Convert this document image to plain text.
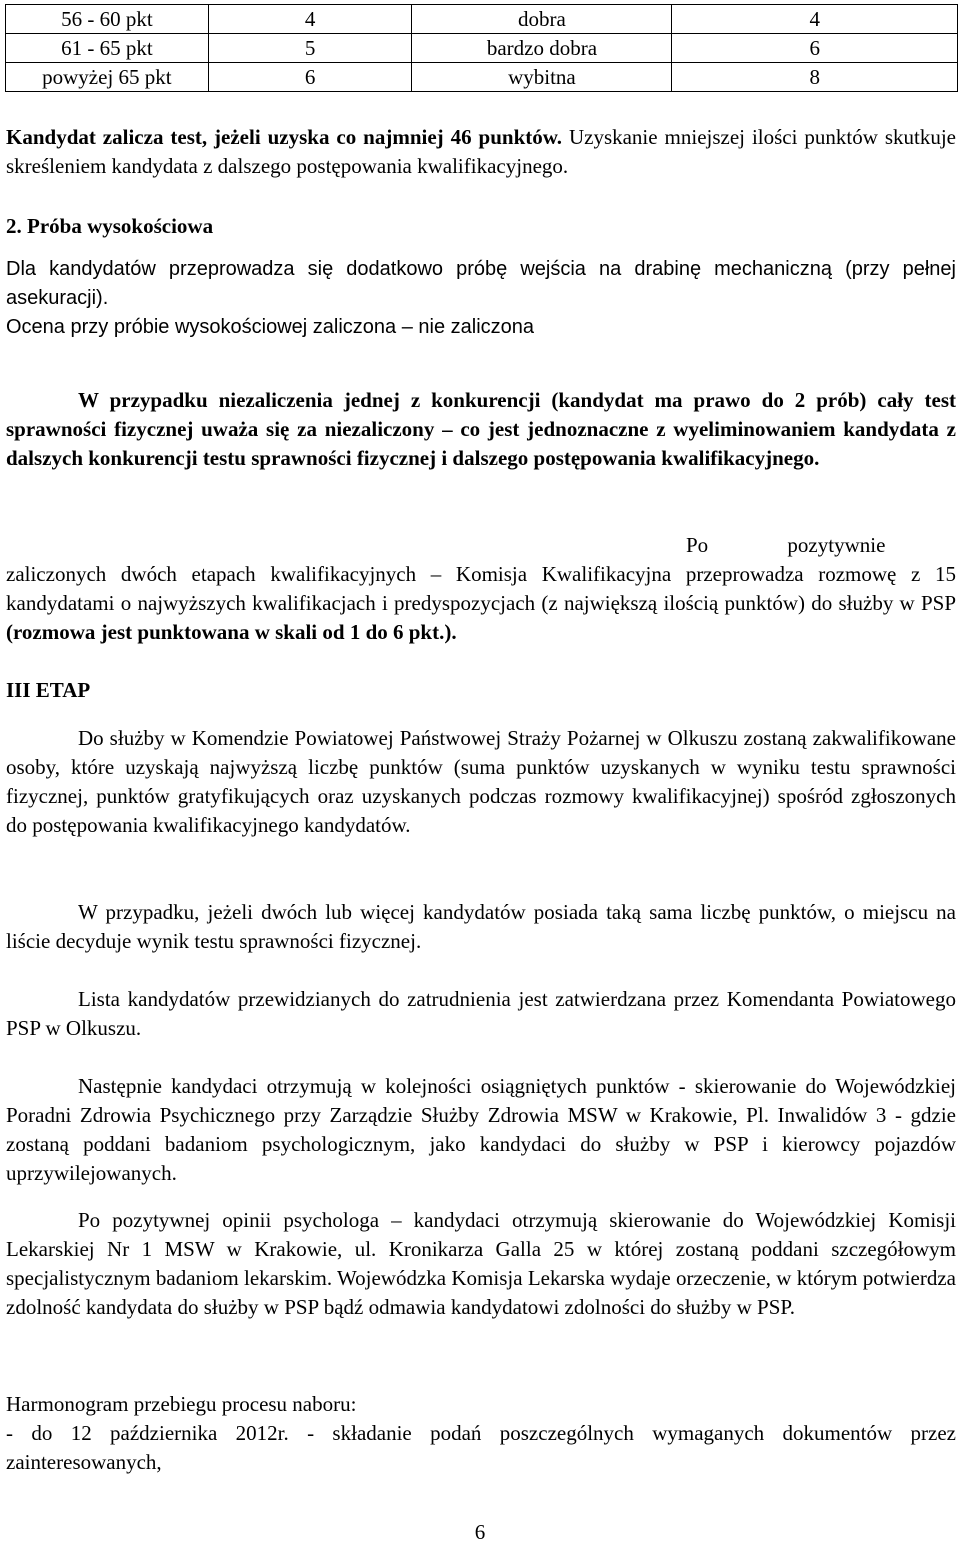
56 - 60 pkt	4	dobra	4
61 - 65 pkt	5	bardzo dobra	6
powyżej 65 pkt	6	wybitna	8

Kandydat zalicza test, jeżeli uzyska co najmniej 46 punktów. Uzyskanie mniejszej ilości punktów skutkuje skreśleniem kandydata z dalszego postępowania kwalifikacyjnego.

2. Próba wysokościowa

Dla kandydatów przeprowadza się dodatkowo próbę wejścia na drabinę mechaniczną (przy pełnej asekuracji).

Ocena przy próbie wysokościowej zaliczona – nie zaliczona

W przypadku niezaliczenia jednej z konkurencji (kandydat ma prawo do 2 prób) cały test sprawności fizycznej uważa się za niezaliczony – co jest jednoznaczne z wyeliminowaniem kandydata z dalszych konkurencji testu sprawności fizycznej i dalszego postępowania kwalifikacyjnego.

Po pozytywnie

zaliczonych dwóch etapach kwalifikacyjnych – Komisja Kwalifikacyjna przeprowadza rozmowę z 15 kandydatami o najwyższych kwalifikacjach i predyspozycjach (z największą ilością punktów) do służby w PSP (rozmowa jest punktowana w skali od 1 do 6 pkt.).

III ETAP

Do służby w Komendzie Powiatowej Państwowej Straży Pożarnej w Olkuszu zostaną zakwalifikowane osoby, które uzyskają najwyższą liczbę punktów (suma punktów uzyskanych w wyniku testu sprawności fizycznej, punktów gratyfikujących oraz uzyskanych podczas rozmowy kwalifikacyjnej) spośród zgłoszonych do postępowania kwalifikacyjnego kandydatów.

W przypadku, jeżeli dwóch lub więcej kandydatów posiada taką sama liczbę punktów, o miejscu na liście decyduje wynik testu sprawności fizycznej.

Lista kandydatów przewidzianych do zatrudnienia jest zatwierdzana przez Komendanta Powiatowego PSP w Olkuszu.

Następnie kandydaci otrzymują w kolejności osiągniętych punktów - skierowanie do Wojewódzkiej Poradni Zdrowia Psychicznego przy Zarządzie Służby Zdrowia MSW w Krakowie, Pl. Inwalidów 3 - gdzie zostaną poddani badaniom psychologicznym, jako kandydaci do służby w PSP i kierowcy pojazdów uprzywilejowanych.

Po pozytywnej opinii psychologa – kandydaci otrzymują skierowanie do Wojewódzkiej Komisji Lekarskiej Nr 1 MSW w Krakowie, ul. Kronikarza Galla 25 w której zostaną poddani szczegółowym specjalistycznym badaniom lekarskim. Wojewódzka Komisja Lekarska wydaje orzeczenie, w którym potwierdza zdolność kandydata do służby w PSP bądź odmawia kandydatowi zdolności do służby w PSP.

Harmonogram przebiegu procesu naboru:

- do 12 października 2012r. - składanie podań poszczególnych wymaganych dokumentów przez zainteresowanych,

6
